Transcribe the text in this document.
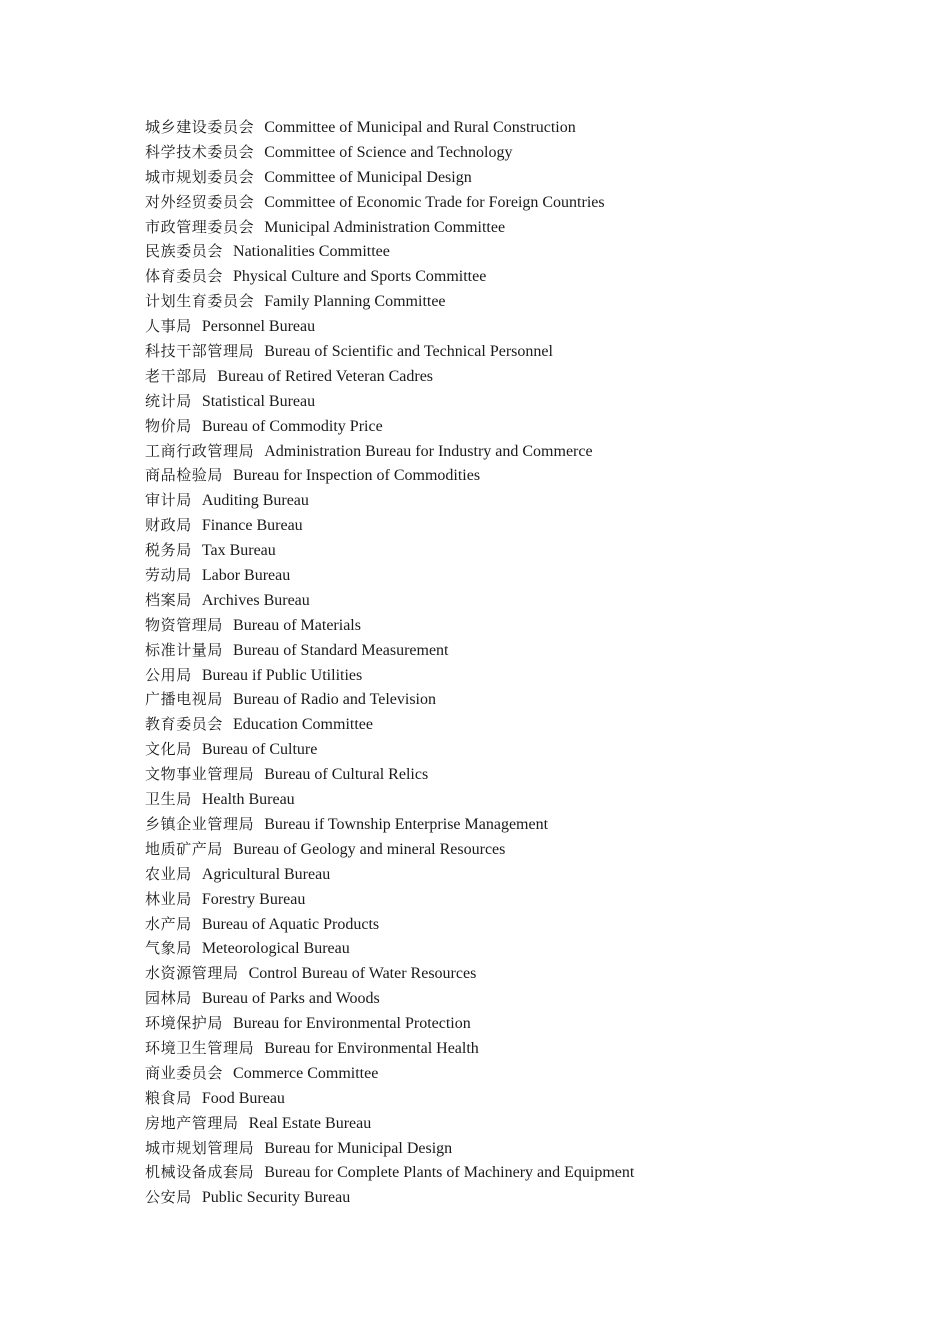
城乡建设委员会 Committee of Municipal and Rural Construction
科学技术委员会 Committee of Science and Technology
城市规划委员会 Committee of Municipal Design
对外经贸委员会 Committee of Economic Trade for Foreign Countries
市政管理委员会 Municipal Administration Committee
民族委员会 Nationalities Committee
体育委员会 Physical Culture and Sports Committee
计划生育委员会 Family Planning Committee
人事局 Personnel Bureau
科技干部管理局 Bureau of Scientific and Technical Personnel
老干部局 Bureau of Retired Veteran Cadres
统计局 Statistical Bureau
物价局 Bureau of Commodity Price
工商行政管理局 Administration Bureau for Industry and Commerce
商品检验局 Bureau for Inspection of Commodities
审计局 Auditing Bureau
财政局 Finance Bureau
税务局 Tax Bureau
劳动局 Labor Bureau
档案局 Archives Bureau
物资管理局 Bureau of Materials
标准计量局 Bureau of Standard Measurement
公用局 Bureau if Public Utilities
广播电视局 Bureau of Radio and Television
教育委员会 Education Committee
文化局 Bureau of Culture
文物事业管理局 Bureau of Cultural Relics
卫生局 Health Bureau
乡镇企业管理局 Bureau if Township Enterprise Management
地质矿产局 Bureau of Geology and mineral Resources
农业局 Agricultural Bureau
林业局 Forestry Bureau
水产局 Bureau of Aquatic Products
气象局 Meteorological Bureau
水资源管理局 Control Bureau of Water Resources
园林局 Bureau of Parks and Woods
环境保护局 Bureau for Environmental Protection
环境卫生管理局 Bureau for Environmental Health
商业委员会 Commerce Committee
粮食局 Food Bureau
房地产管理局 Real Estate Bureau
城市规划管理局 Bureau for Municipal Design
机械设备成套局 Bureau for Complete Plants of Machinery and Equipment
公安局 Public Security Bureau
